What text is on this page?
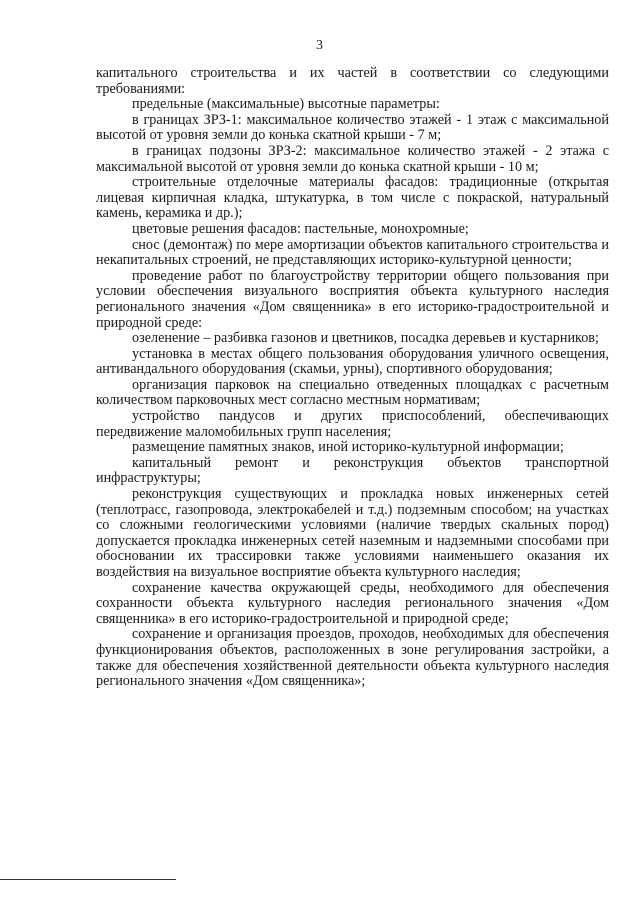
3

капитального строительства и их частей в соответствии со следующими требованиями:

предельные (максимальные) высотные параметры:

в границах ЗРЗ-1: максимальное количество этажей - 1 этаж с максимальной высотой от уровня земли до конька скатной крыши - 7 м;

в границах подзоны ЗРЗ-2: максимальное количество этажей - 2 этажа с максимальной высотой от уровня земли до конька скатной крыши - 10 м;

строительные отделочные материалы фасадов: традиционные (открытая лицевая кирпичная кладка, штукатурка, в том числе с покраской, натуральный камень, керамика и др.);

цветовые решения фасадов: пастельные, монохромные;

снос (демонтаж) по мере амортизации объектов капитального строительства и некапитальных строений, не представляющих историко-культурной ценности;

проведение работ по благоустройству территории общего пользования при условии обеспечения визуального восприятия объекта культурного наследия регионального значения «Дом священника» в его историко-градостроительной и природной среде:

озеленение – разбивка газонов и цветников, посадка деревьев и кустарников;

установка в местах общего пользования оборудования уличного освещения, антивандального оборудования (скамьи, урны), спортивного оборудования;

организация парковок на специально отведенных площадках с расчетным количеством парковочных мест согласно местным нормативам;

устройство пандусов и других приспособлений, обеспечивающих передвижение маломобильных групп населения;

размещение памятных знаков, иной историко-культурной информации;

капитальный ремонт и реконструкция объектов транспортной инфраструктуры;

реконструкция существующих и прокладка новых инженерных сетей (теплотрасс, газопровода, электрокабелей и т.д.) подземным способом; на участках со сложными геологическими условиями (наличие твердых скальных пород) допускается прокладка инженерных сетей наземным и надземными способами при обосновании их трассировки также условиями наименьшего оказания их воздействия на визуальное восприятие объекта культурного наследия;

сохранение качества окружающей среды, необходимого для обеспечения сохранности объекта культурного наследия регионального значения «Дом священника» в его историко-градостроительной и природной среде;

сохранение и организация проездов, проходов, необходимых для обеспечения функционирования объектов, расположенных в зоне регулирования застройки, а также для обеспечения хозяйственной деятельности объекта культурного наследия регионального значения «Дом священника»;
